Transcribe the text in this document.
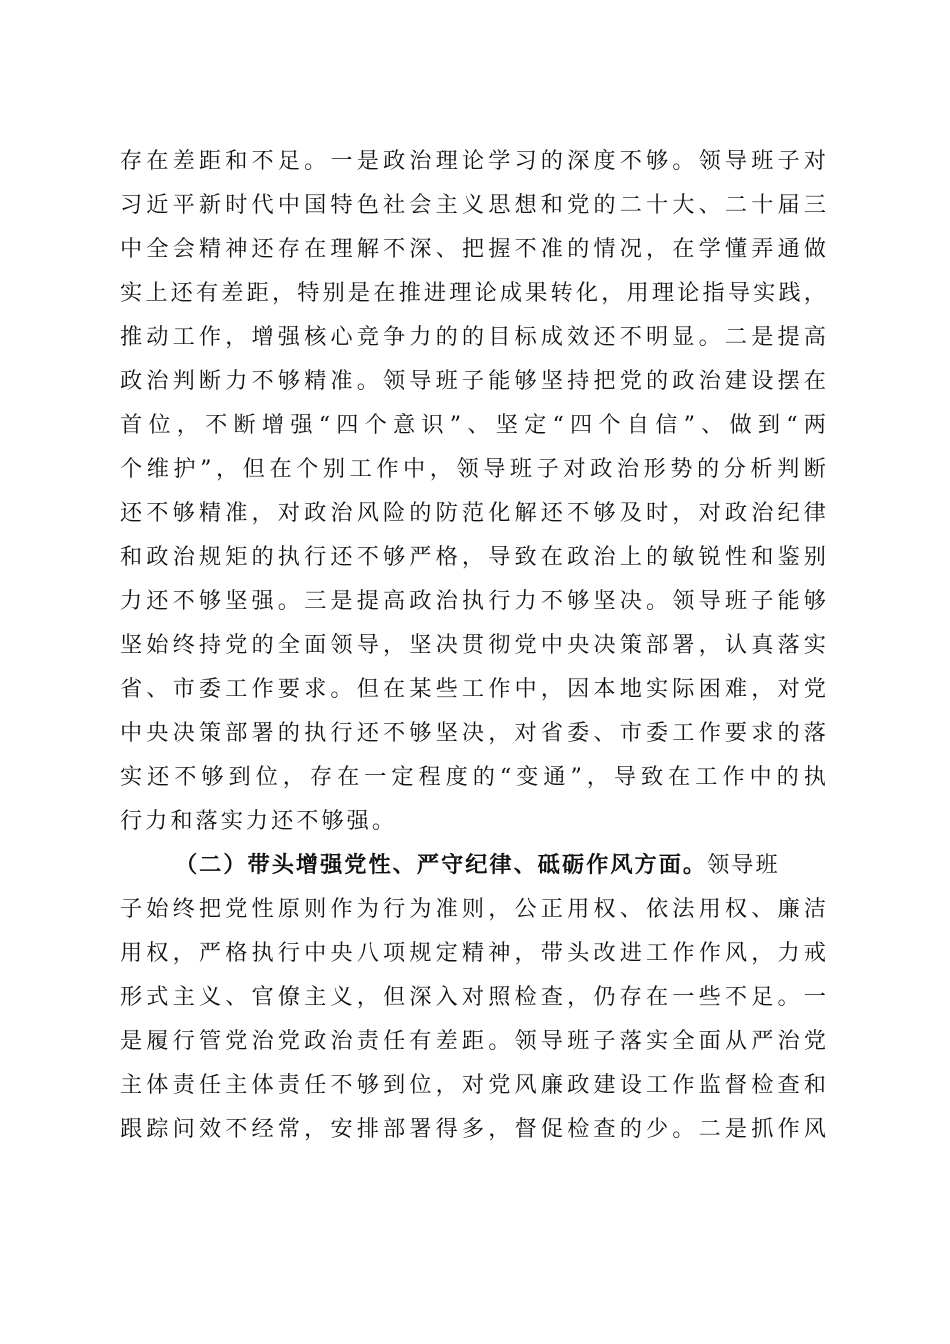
存在差距和不足。一是政治理论学习的深度不够。领导班子对
习近平新时代中国特色社会主义思想和党的二十大、二十届三
中全会精神还存在理解不深、把握不准的情况，在学懂弄通做
实上还有差距，特别是在推进理论成果转化，用理论指导实践，
推动工作，增强核心竞争力的的目标成效还不明显。二是提高
政治判断力不够精准。领导班子能够坚持把党的政治建设摆在
首位，不断增强“四个意识”、坚定“四个自信”、做到“两
个维护”，但在个别工作中，领导班子对政治形势的分析判断
还不够精准，对政治风险的防范化解还不够及时，对政治纪律
和政治规矩的执行还不够严格，导致在政治上的敏锐性和鉴别
力还不够坚强。三是提高政治执行力不够坚决。领导班子能够
坚始终持党的全面领导，坚决贯彻党中央决策部署，认真落实
省、市委工作要求。但在某些工作中，因本地实际困难，对党
中央决策部署的执行还不够坚决，对省委、市委工作要求的落
实还不够到位，存在一定程度的“变通”，导致在工作中的执
行力和落实力还不够强。
（二）带头增强党性、严守纪律、砥砺作风方面。领导班
子始终把党性原则作为行为准则，公正用权、依法用权、廉洁
用权，严格执行中央八项规定精神，带头改进工作作风，力戒
形式主义、官僚主义，但深入对照检查，仍存在一些不足。一
是履行管党治党政治责任有差距。领导班子落实全面从严治党
主体责任主体责任不够到位，对党风廉政建设工作监督检查和
跟踪问效不经常，安排部署得多，督促检查的少。二是抓作风
